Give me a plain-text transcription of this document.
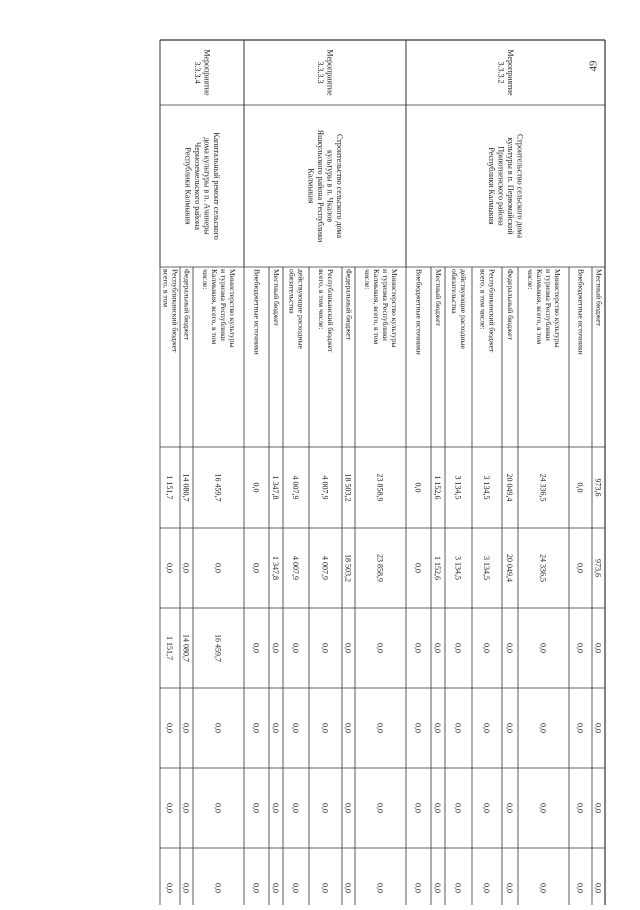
Местный бюджет
973,6
973,6
0,0
0,0
0,0
0,0
Внебюджетные источники
0,0
0,0
0,0
0,0
0,0
0,0
Министерство культурыи туризма РеспубликиКалмыкия, всего, в томчисле:
24 336,5
24 336,5
0,0
0,0
0,0
0,0
Федеральный бюджет
20 049,4
20 049,4
0,0
0,0
0,0
0,0
Республиканский бюджетвсего, в том числе:
3 134,5
3 134,5
0,0
0,0
0,0
0,0
действующие расходныеобязательства
3 134,5
3 134,5
0,0
0,0
0,0
0,0
Местный бюджет
1 152,6
1 152,6
0,0
0,0
0,0
0,0
Внебюджетные источники
0,0
0,0
0,0
0,0
0,0
0,0
Мероприятие3.3.3.2
Строительство сельского домакультуры в п. ПервомайскийПриютненского районаРеспублики Калмыкия
Министерство культурыи туризма РеспубликиКалмыкия, всего, в томчисле:
23 858,9
23 858,9
0,0
0,0
0,0
0,0
Федеральный бюджет
18 503,2
18 503,2
0,0
0,0
0,0
0,0
Республиканский бюджетвсего, в том числе:
4 007,9
4 007,9
0,0
0,0
0,0
0,0
действующие расходныеобязательства
4 007,9
4 007,9
0,0
0,0
0,0
0,0
Местный бюджет
1 347,8
1 347,8
0,0
0,0
0,0
0,0
Внебюджетные источники
0,0
0,0
0,0
0,0
0,0
0,0
Мероприятие3.3.3.3
Строительство сельского домакультуры в п. ЧкаловЯшкульского района РеспубликиКалмыкия
Министерство культурыи туризма РеспубликиКалмыкия, всего, в томчисле:
16 459,7
0,0
16 459,7
0,0
0,0
0,0
Федеральный бюджет
14 080,7
0,0
14 080,7
0,0
0,0
0,0
Республиканский бюджетвсего, в том
1 151,7
0,0
1 151,7
0,0
0,0
0,0
Мероприятие3.3.3.4
Капитальный ремонт сельскогодома культуры в п. АчинерыЧерноземельского районаРеспублики Калмыкия
49
